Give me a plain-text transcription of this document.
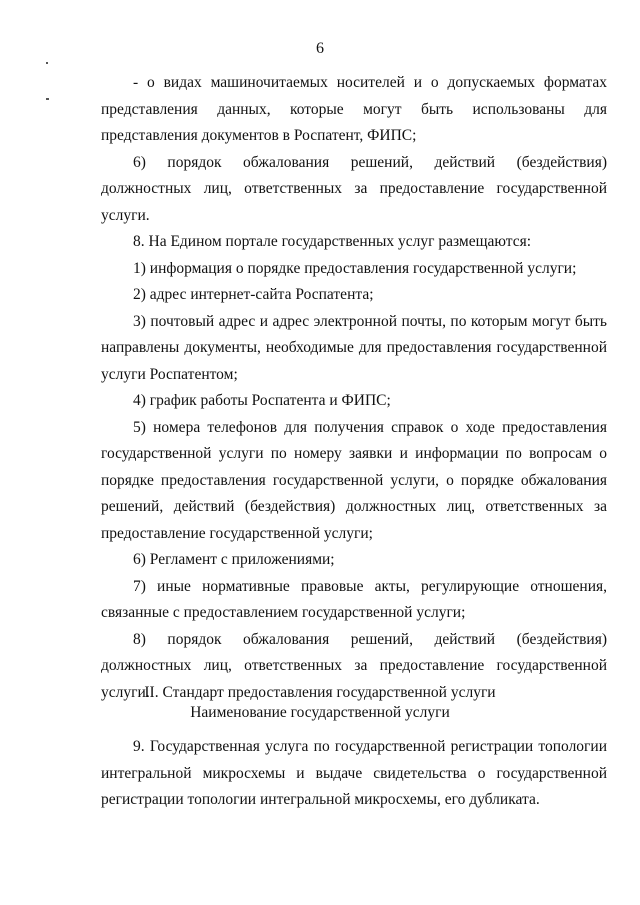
6

- о видах машиночитаемых носителей и о допускаемых форматах представления данных, которые могут быть использованы для представления документов в Роспатент, ФИПС;

6) порядок обжалования решений, действий (бездействия) должностных лиц, ответственных за предоставление государственной услуги.

8. На Едином портале государственных услуг размещаются:

1) информация о порядке предоставления государственной услуги;

2) адрес интернет-сайта Роспатента;

3) почтовый адрес и адрес электронной почты, по которым могут быть направлены документы, необходимые для предоставления государственной услуги Роспатентом;

4) график работы Роспатента и ФИПС;

5) номера телефонов для получения справок о ходе предоставления государственной услуги по номеру заявки и информации по вопросам о порядке предоставления государственной услуги, о порядке обжалования решений, действий (бездействия) должностных лиц, ответственных за предоставление государственной услуги;

6) Регламент с приложениями;

7) иные нормативные правовые акты, регулирующие отношения, связанные с предоставлением государственной услуги;

8) порядок обжалования решений, действий (бездействия) должностных лиц, ответственных за предоставление государственной услуги.

II. Стандарт предоставления государственной услуги
Наименование государственной услуги

9. Государственная услуга по государственной регистрации топологии интегральной микросхемы и выдаче свидетельства о государственной регистрации топологии интегральной микросхемы, его дубликата.
